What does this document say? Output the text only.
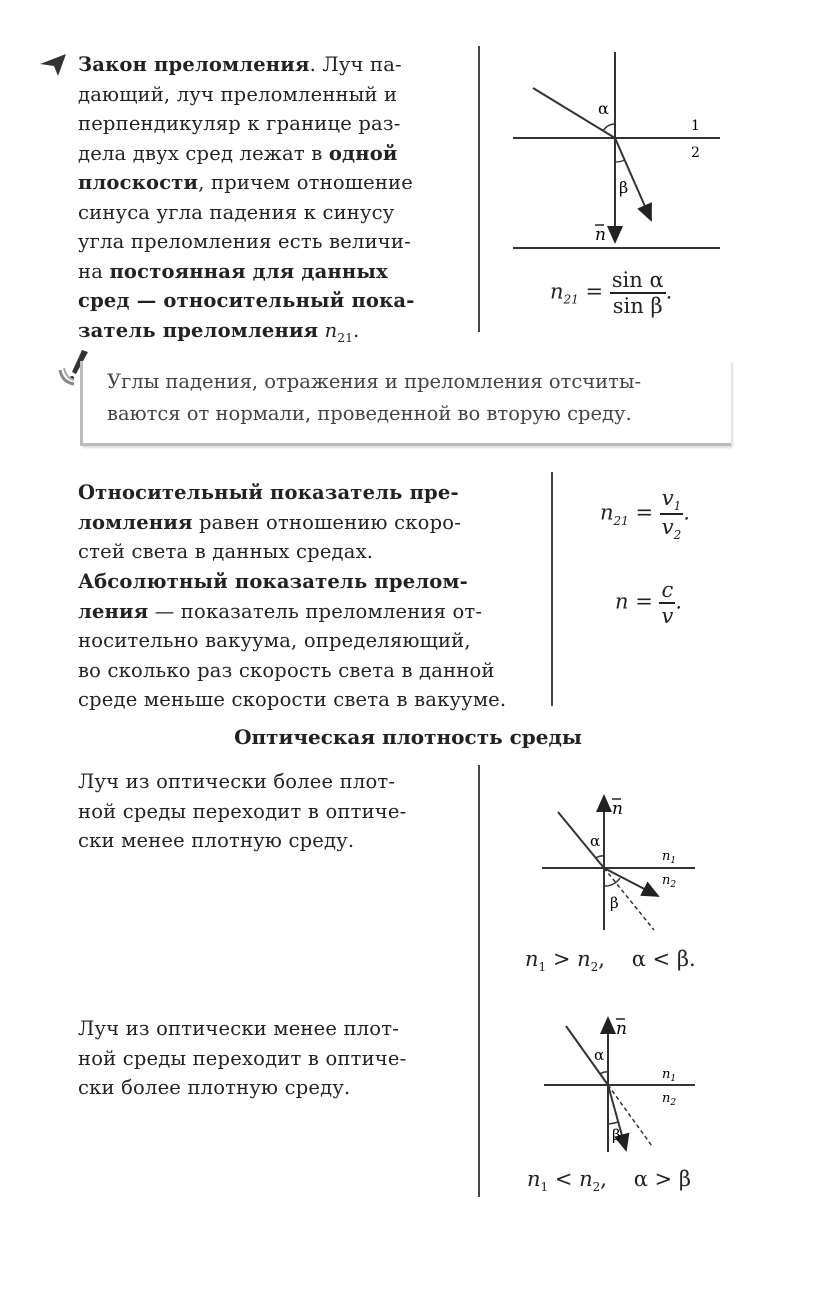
Закон преломления. Луч па-
дающий, луч преломленный и
перпендикуляр к границе раз-
дела двух сред лежат в одной
плоскости, причем отношение
синуса угла падения к синусу
угла преломления есть величи-
на постоянная для данных
сред — относительный пока-
затель преломления $n_{21}$.
α
β
1
2
n
$n_{21} = \frac{\text{sin α}}{\text{sin β}}$ .
Углы падения, отражения и преломления отсчиты-
ваются от нормали, проведенной во вторую среду.
Относительный показатель пре-
ломления равен отношению скоро-
стей света в данных средах.
Абсолютный показатель прелом-
ления — показатель преломления от-
носительно вакуума, определяющий,
во сколько раз скорость света в данной
среде меньше скорости света в вакууме.
$n_{21} = \frac{v_1}{v_2}$ .
$n = \frac{c}{v}$ .
Оптическая плотность среды
Луч из оптически более плот-
ной среды переходит в оптиче-
ски менее плотную среду.
n
α
β
$n_1$
$n_2$
$n_1 > n_2$,    α < β.
Луч из оптически менее плот-
ной среды переходит в оптиче-
ски более плотную среду.
n
α
β
$n_1$
$n_2$
$n_1 < n_2$,    α > β
